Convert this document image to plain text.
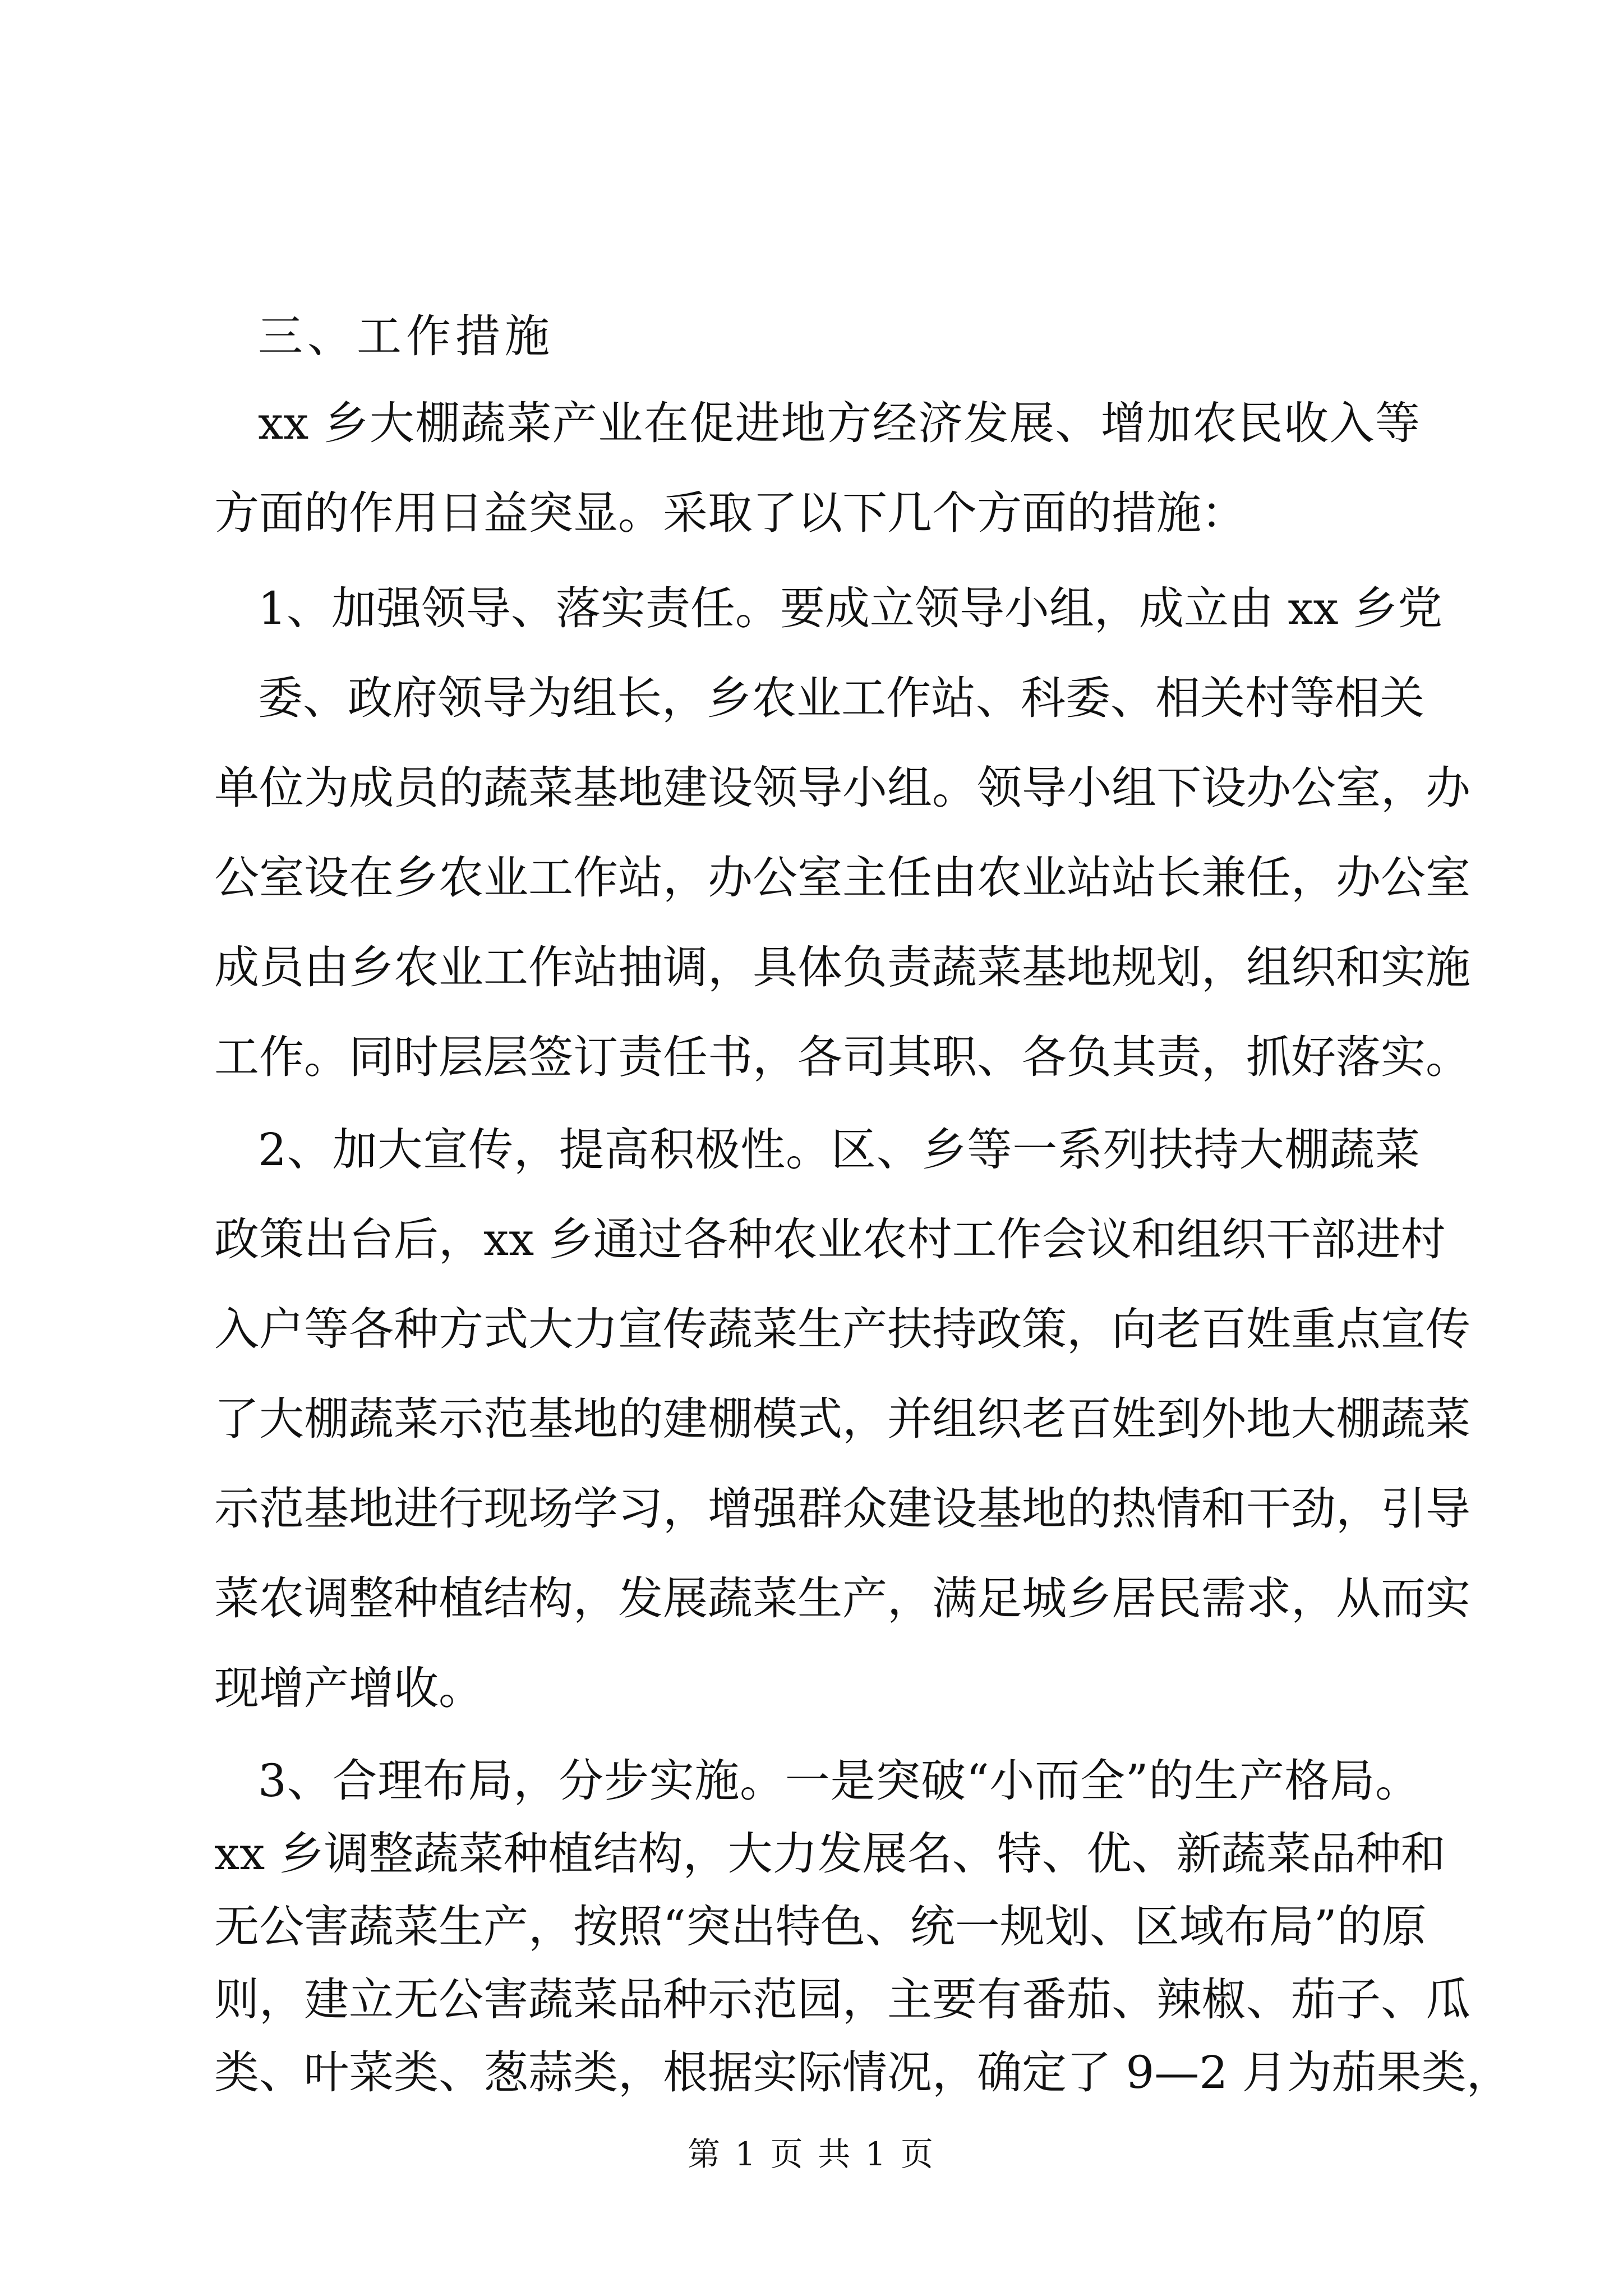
三、工作措施
xx 乡大棚蔬菜产业在促进地方经济发展、增加农民收入等
方面的作用日益突显。采取了以下几个方面的措施：
1、加强领导、落实责任。要成立领导小组，成立由 xx 乡党
委、政府领导为组长，乡农业工作站、科委、相关村等相关
单位为成员的蔬菜基地建设领导小组。领导小组下设办公室，办
公室设在乡农业工作站，办公室主任由农业站站长兼任，办公室
成员由乡农业工作站抽调，具体负责蔬菜基地规划，组织和实施
工作。同时层层签订责任书，各司其职、各负其责，抓好落实。
2、加大宣传，提高积极性。区、乡等一系列扶持大棚蔬菜
政策出台后，xx 乡通过各种农业农村工作会议和组织干部进村
入户等各种方式大力宣传蔬菜生产扶持政策，向老百姓重点宣传
了大棚蔬菜示范基地的建棚模式，并组织老百姓到外地大棚蔬菜
示范基地进行现场学习，增强群众建设基地的热情和干劲，引导
菜农调整种植结构，发展蔬菜生产，满足城乡居民需求，从而实
现增产增收。
3、合理布局，分步实施。一是突破“小而全”的生产格局。
xx 乡调整蔬菜种植结构，大力发展名、特、优、新蔬菜品种和
无公害蔬菜生产，按照“突出特色、统一规划、区域布局”的原
则，建立无公害蔬菜品种示范园，主要有番茄、辣椒、茄子、瓜
第 1 页 共 1 页
类、叶菜类、葱蒜类，根据实际情况，确定了 9—2 月为茄果类，
